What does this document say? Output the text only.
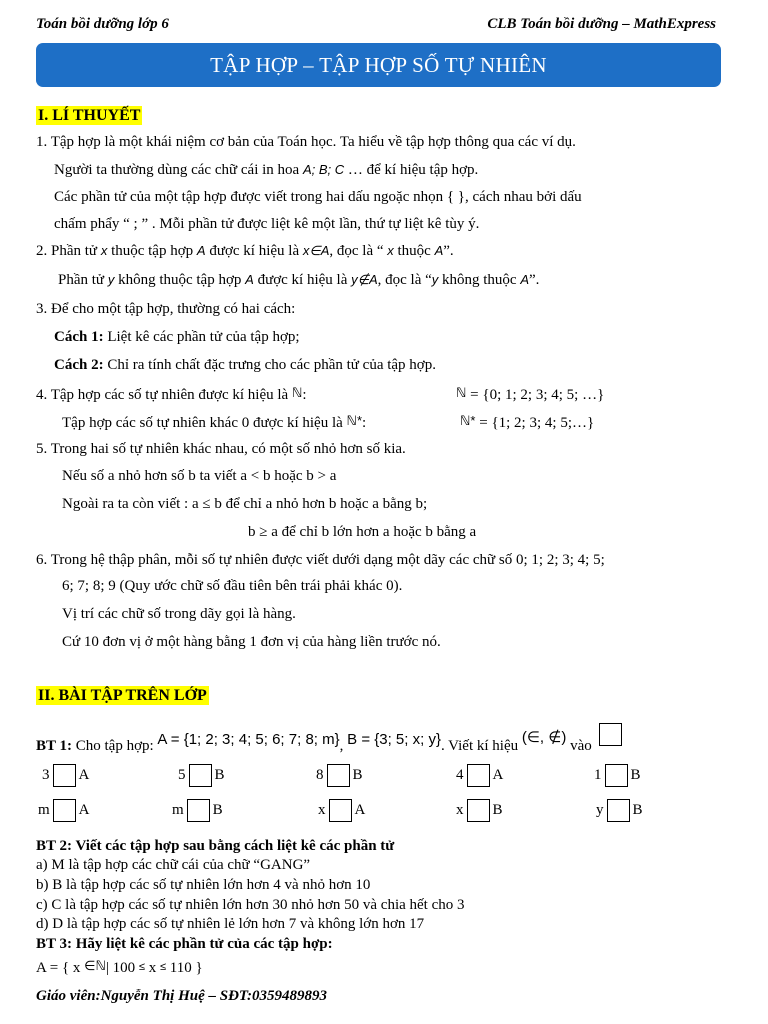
Toán bồi dưỡng lớp 6	CLB Toán bồi dưỡng – MathExpress
TẬP HỢP – TẬP HỢP SỐ TỰ NHIÊN
I. LÍ THUYẾT
1. Tập hợp là một khái niệm cơ bản của Toán học. Ta hiểu về tập hợp thông qua các ví dụ.
Người ta thường dùng các chữ cái in hoa A; B; C … để kí hiệu tập hợp.
Các phần tử của một tập hợp được viết trong hai dấu ngoặc nhọn { }, cách nhau bởi dấu
chấm phẩy “ ; ” . Mỗi phần tử được liệt kê một lần, thứ tự liệt kê tùy ý.
2. Phần tử x thuộc tập hợp A được kí hiệu là x∈A, đọc là “ x thuộc A”.
Phần tử y không thuộc tập hợp A được kí hiệu là y∉A, đọc là “y không thuộc A”.
3. Để cho một tập hợp, thường có hai cách:
Cách 1: Liệt kê các phần tử của tập hợp;
Cách 2: Chỉ ra tính chất đặc trưng cho các phần tử của tập hợp.
4. Tập hợp các số tự nhiên được kí hiệu là ℕ:	ℕ = {0; 1; 2; 3; 4; 5; …}
Tập hợp các số tự nhiên khác 0 được kí hiệu là ℕ*:	ℕ* = {1; 2; 3; 4; 5;…}
5. Trong hai số tự nhiên khác nhau, có một số nhỏ hơn số kia.
Nếu số a nhỏ hơn số b ta viết a < b hoặc b > a
Ngoài ra ta còn viết : a ≤ b để chỉ a nhỏ hơn b hoặc a bằng b;
b ≥ a để chỉ b lớn hơn a hoặc b bằng a
6. Trong hệ thập phân, mỗi số tự nhiên được viết dưới dạng một dãy các chữ số 0; 1; 2; 3; 4; 5;
6; 7; 8; 9 (Quy ước chữ số đầu tiên bên trái phải khác 0).
Vị trí các chữ số trong dãy gọi là hàng.
Cứ 10 đơn vị ở một hàng bằng 1 đơn vị của hàng liền trước nó.
II. BÀI TẬP TRÊN LỚP
BT 1: Cho tập hợp: A = {1; 2; 3; 4; 5; 6; 7; 8; m}, B = {3; 5; x; y}. Viết kí hiệu (∈, ∉) vào
3 A	5 B	8 B	4 A	1 B
m A	m B	x A	x B	y B
BT 2: Viết các tập hợp sau bằng cách liệt kê các phần tử
a) M là tập hợp các chữ cái của chữ “GANG”
b) B là tập hợp các số tự nhiên lớn hơn 4 và nhỏ hơn 10
c) C là tập hợp các số tự nhiên lớn hơn 30 nhỏ hơn 50 và chia hết cho 3
d) D là tập hợp các số tự nhiên lẻ lớn hơn 7 và không lớn hơn 17
BT 3: Hãy liệt kê các phần tử của các tập hợp:
A = { x ∈ℕ| 100 ≤ x ≤ 110 }
Giáo viên:Nguyễn Thị Huệ – SĐT:0359489893
